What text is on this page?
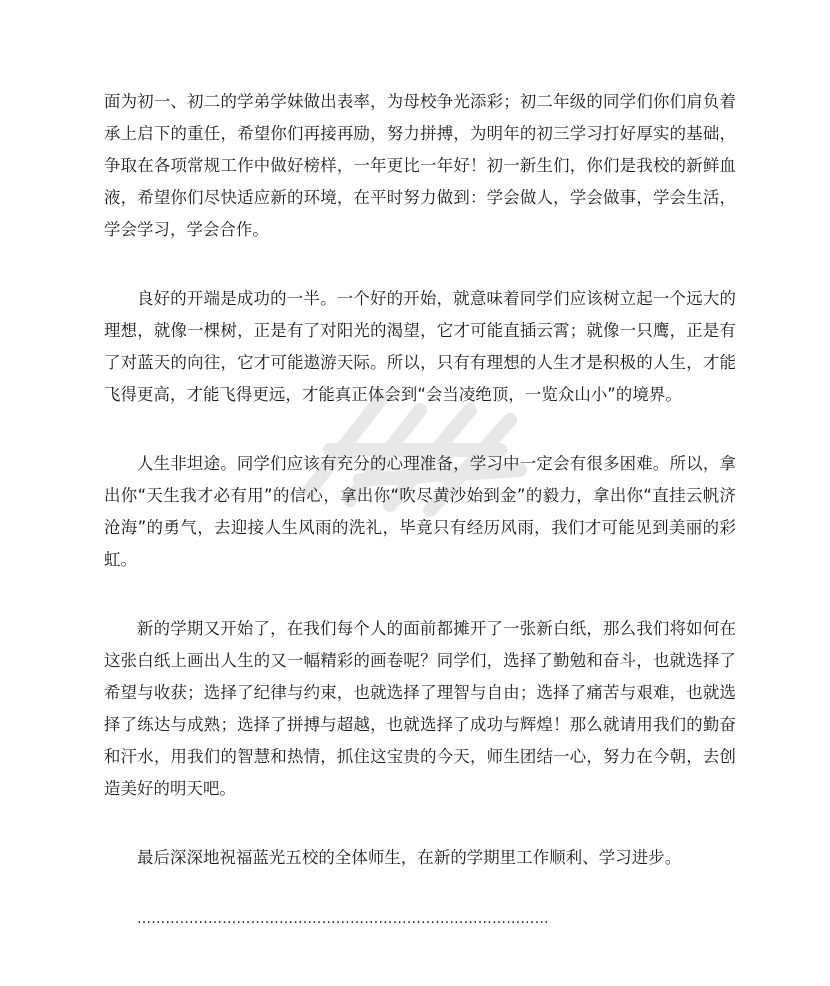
面为初一、初二的学弟学妹做出表率，为母校争光添彩；初二年级的同学们你们肩负着承上启下的重任，希望你们再接再励，努力拼搏，为明年的初三学习打好厚实的基础，争取在各项常规工作中做好榜样，一年更比一年好！初一新生们，你们是我校的新鲜血液，希望你们尽快适应新的环境，在平时努力做到：学会做人，学会做事，学会生活，学会学习，学会合作。

良好的开端是成功的一半。一个好的开始，就意味着同学们应该树立起一个远大的理想，就像一棵树，正是有了对阳光的渴望，它才可能直插云霄；就像一只鹰，正是有了对蓝天的向往，它才可能遨游天际。所以，只有有理想的人生才是积极的人生，才能飞得更高，才能飞得更远，才能真正体会到“会当凌绝顶，一览众山小”的境界。

人生非坦途。同学们应该有充分的心理准备，学习中一定会有很多困难。所以，拿出你“天生我才必有用”的信心，拿出你“吹尽黄沙始到金”的毅力，拿出你“直挂云帆济沧海”的勇气，去迎接人生风雨的洗礼，毕竟只有经历风雨，我们才可能见到美丽的彩虹。

新的学期又开始了，在我们每个人的面前都摊开了一张新白纸，那么我们将如何在这张白纸上画出人生的又一幅精彩的画卷呢？同学们，选择了勤勉和奋斗，也就选择了希望与收获；选择了纪律与约束，也就选择了理智与自由；选择了痛苦与艰难，也就选择了练达与成熟；选择了拼搏与超越，也就选择了成功与辉煌！那么就请用我们的勤奋和汗水，用我们的智慧和热情，抓住这宝贵的今天，师生团结一心，努力在今朝，去创造美好的明天吧。

最后深深地祝福蓝光五校的全体师生，在新的学期里工作顺利、学习进步。

……………………………………………………………………………
